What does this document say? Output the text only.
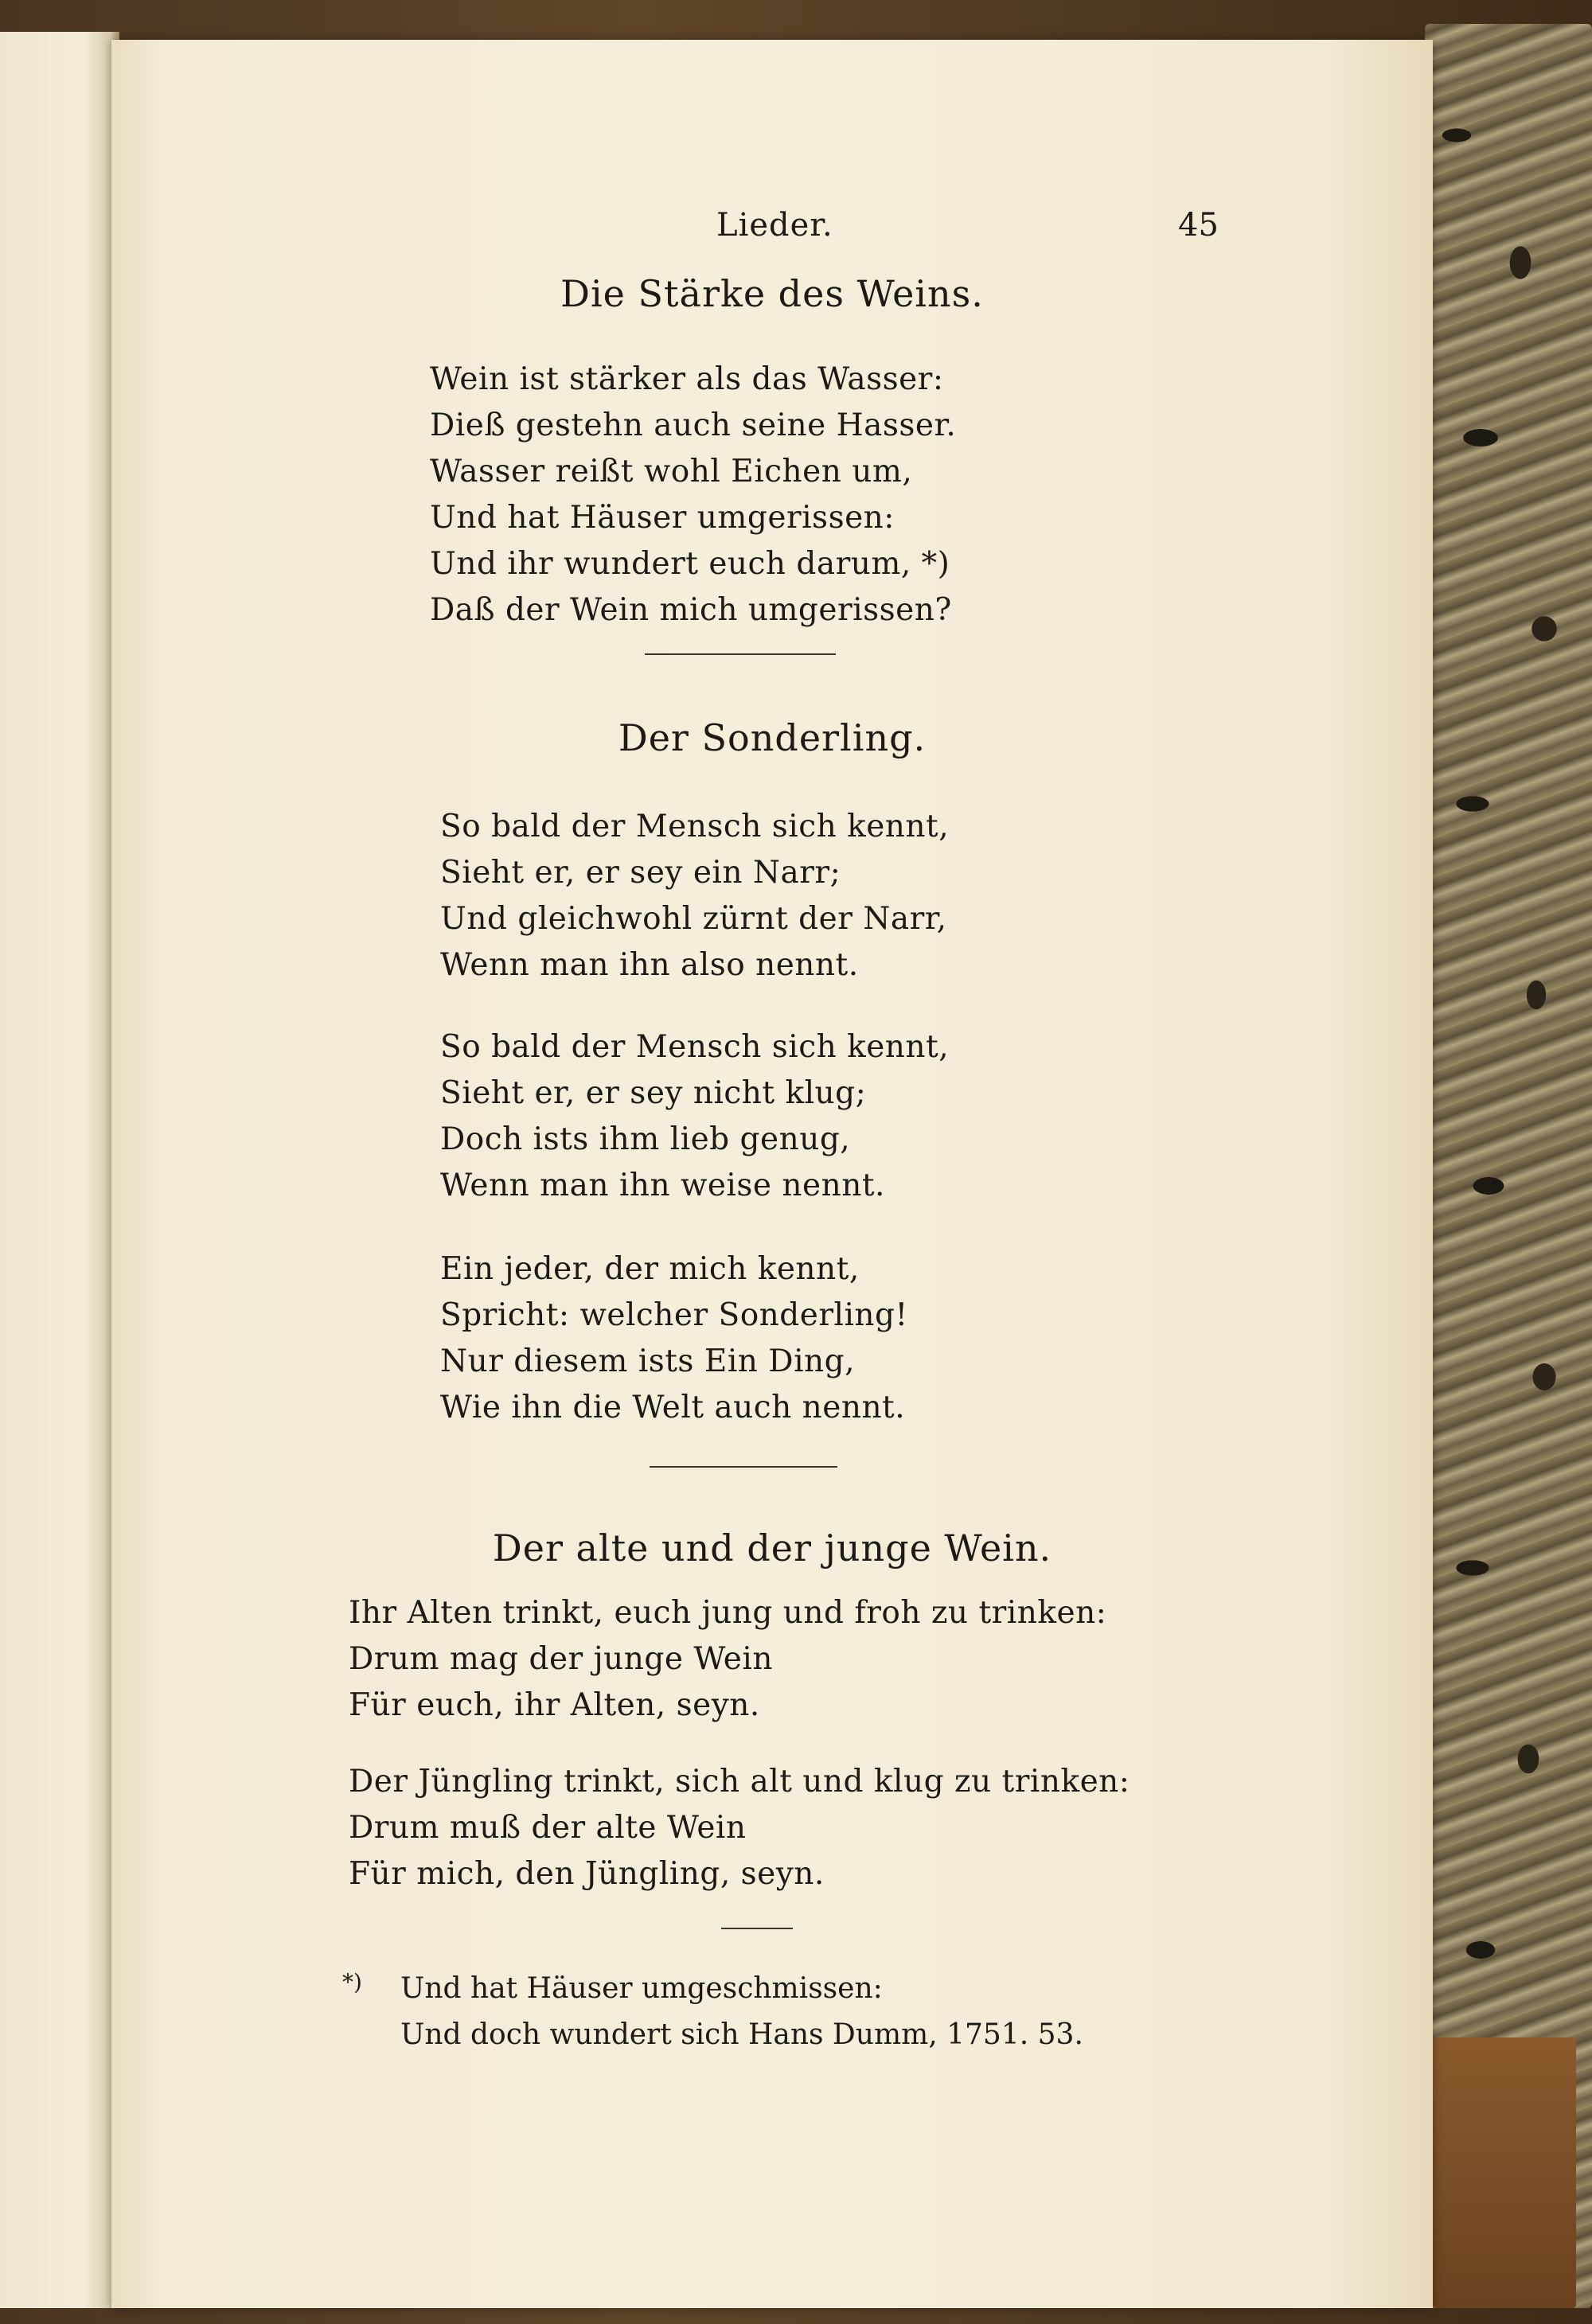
Lieder.	45
Die Stärke des Weins.
Wein ist stärker als das Wasser:
Dieß gestehn auch seine Hasser.
Wasser reißt wohl Eichen um,
Und hat Häuser umgerissen:
Und ihr wundert euch darum, *)
Daß der Wein mich umgerissen?
Der Sonderling.
So bald der Mensch sich kennt,
Sieht er, er sey ein Narr;
Und gleichwohl zürnt der Narr,
Wenn man ihn also nennt.
So bald der Mensch sich kennt,
Sieht er, er sey nicht klug;
Doch ists ihm lieb genug,
Wenn man ihn weise nennt.
Ein jeder, der mich kennt,
Spricht: welcher Sonderling!
Nur diesem ists Ein Ding,
Wie ihn die Welt auch nennt.
Der alte und der junge Wein.
Ihr Alten trinkt, euch jung und froh zu trinken:
Drum mag der junge Wein
Für euch, ihr Alten, seyn.
Der Jüngling trinkt, sich alt und klug zu trinken:
Drum muß der alte Wein
Für mich, den Jüngling, seyn.
*) Und hat Häuser umgeschmissen:
Und doch wundert sich Hans Dumm, 1751. 53.
